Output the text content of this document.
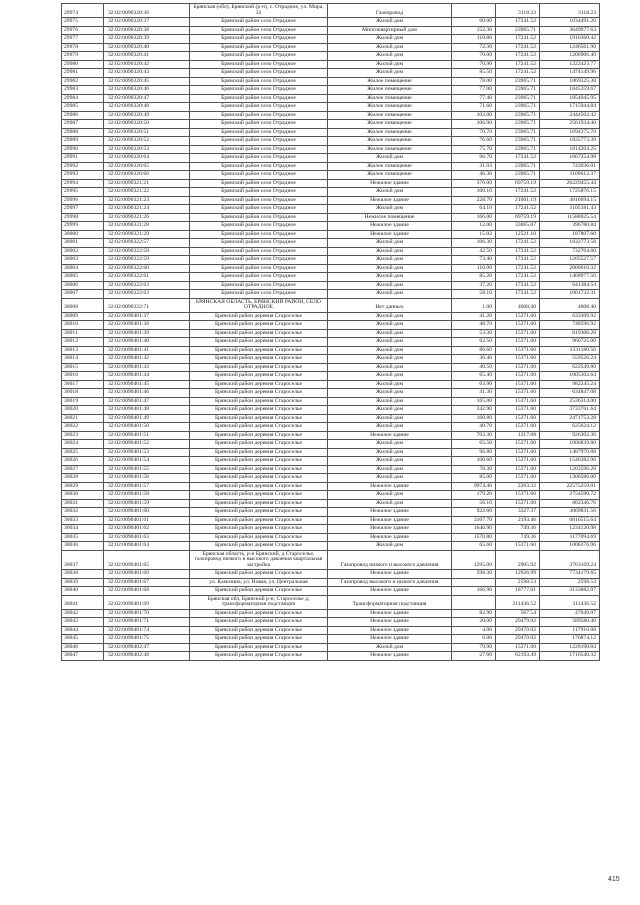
29974	32:02:0090320:36	Брянская (обл), Брянский (р-н), с. Отрадное, ул. Мира, 33	Газопровод		3118.23	3118.23
29975	32:02:0090320:37	Брянский район село Отрадное	Жилой дом	60.00	17241.52	1034491.20
29976	32:02:0090320:38	Брянский район село Отрадное	Многоквартирный дом	152.30	23965.71	3649977.63
29977	32:02:0090320:39	Брянский район село Отрадное	Жилой дом	110.80	17241.52	1910360.42
29978	32:02:0090320:40	Брянский район село Отрадное	Жилой дом	72.30	17241.52	1246561.90
29979	32:02:0090320:41	Брянский район село Отрадное	Жилой дом	70.00	17241.52	1206906.40
29980	32:02:0090320:42	Брянский район село Отрадное	Жилой дом	70.90	17241.52	1222423.77
29981	32:02:0090320:43	Брянский район село Отрадное	Жилой дом	85.50	17241.52	1474149.96
29982	32:02:0090320:45	Брянский район село Отрадное	Жилое помещение	78.00	23965.71	1869325.38
29983	32:02:0090320:46	Брянский район село Отрадное	Жилое помещение	77.00	23965.71	1845359.67
29984	32:02:0090320:47	Брянский район село Отрадное	Жилое помещение	77.40	23965.71	1854945.95
29985	32:02:0090320:48	Брянский район село Отрадное	Жилое помещение	71.60	23965.71	1715944.84
29986	32:02:0090320:49	Брянский район село Отрадное	Жилое помещение	102.00	23965.71	2444502.42
29987	32:02:0090320:50	Брянский район село Отрадное	Жилое помещение	106.90	23965.71	2561934.40
29988	32:02:0090320:51	Брянский район село Отрадное	Жилое помещение	70.70	23965.71	1694375.70
29989	32:02:0090320:52	Брянский район село Отрадное	Жилое помещение	76.60	23965.71	1835773.39
29990	32:02:0090320:53	Брянский район село Отрадное	Жилое помещение	75.70	23965.71	1814204.25
29991	32:02:0090320:64	Брянский район село Отрадное	Жилой дом	96.70	17241.52	1667254.98
29992	32:02:0090320:65	Брянский район село Отрадное	Жилое помещение	31.03	23965.71	743936.01
29993	32:02:0090320:66	Брянский район село Отрадное	Жилое помещение	46.30	23965.71	1109612.37
29994	32:02:0090321:21	Брянский район село Отрадное	Нежилое здание	376.00	69759.19	26229455.44
29995	32:02:0090321:22	Брянский район село Отрадное	Жилой дом	100.10	17241.52	1725876.15
29996	32:02:0090321:23	Брянский район село Отрадное	Нежилое здание	228.70	21061.19	4816694.15
29997	32:02:0090321:24	Брянский район село Отрадное	Жилой дом	64.10	17241.52	1105181.43
29998	32:02:0090321:26	Брянский район село Отрадное	Нежилое помещение	166.00	69759.19	11580025.54
29999	32:02:0090321:28	Брянский район село Отрадное	Нежилое здание	12.00	33065.07	396780.84
30000	32:02:0090321:29	Брянский район село Отрадное	Нежилое здание	15.02	12521.10	187807.60
30001	32:02:0090322:57	Брянский район село Отрадное	Жилой дом	106.30	17241.52	1832773.58
30002	32:02:0090322:58	Брянский район село Отрадное	Жилой дом	42.50	17241.52	732764.60
30003	32:02:0090322:59	Брянский район село Отрадное	Жилой дом	73.40	17241.52	1265527.57
30004	32:02:0090322:60	Брянский район село Отрадное	Жилой дом	116.00	17241.52	2000016.32
30005	32:02:0090322:61	Брянский район село Отрадное	Жилой дом	85.20	17241.52	1468977.50
30006	32:02:0090322:62	Брянский район село Отрадное	Жилой дом	37.20	17241.52	641384.54
30007	32:02:0090322:63	Брянский район село Отрадное	Жилой дом	58.10	17241.52	1001732.31
30008	32:02:0090322:71	БРЯНСКАЯ ОБЛАСТЬ, БРЯНСКИЙ РАЙОН, СЕЛО ОТРАДНОЕ	Нет данных	1.00	4608.40	4608.40
30009	32:02:0090401:37	Брянский район деревня Староселье	Жилой дом	41.20	15371.60	633309.92
30010	32:02:0090401:38	Брянский район деревня Староселье	Жилой дом	48.70	15371.60	748596.92
30011	32:02:0090401:39	Брянский район деревня Староселье	Жилой дом	53.30	15371.60	819306.28
30012	32:02:0090401:40	Брянский район деревня Староселье	Жилой дом	62.50	15371.60	960725.00
30013	32:02:0090401:41	Брянский район деревня Староселье	Жилой дом	86.60	15371.60	1331180.56
30014	32:02:0090401:42	Брянский район деревня Староселье	Жилой дом	36.40	15371.60	559526.24
30015	32:02:0090401:43	Брянский район деревня Староселье	Жилой дом	40.50	15371.60	622549.80
30016	32:02:0090401:44	Брянский район деревня Староселье	Жилой дом	65.40	15371.60	1005302.64
30017	32:02:0090401:45	Брянский район деревня Староселье	Жилой дом	63.90	15371.60	982245.24
30018	32:02:0090401:46	Брянский район деревня Староселье	Жилой дом	41.30	15371.60	634847.08
30019	32:02:0090401:47	Брянский район деревня Староселье	Жилой дом	165.00	15371.60	2536314.00
30020	32:02:0090401:48	Брянский район деревня Староселье	Жилой дом	242.90	15371.60	3733761.64
30021	32:02:0090401:49	Брянский район деревня Староселье	Жилой дом	160.80	15371.60	2471753.28
30022	32:02:0090401:50	Брянский район деревня Староселье	Жилой дом	40.70	15371.60	625624.12
30023	32:02:0090401:51	Брянский район деревня Староселье	Нежилое здание	703.30	1317.08	926302.36
30024	32:02:0090401:52	Брянский район деревня Староселье	Жилой дом	65.50	15371.60	1006839.80
30025	32:02:0090401:53	Брянский район деревня Староселье	Жилой дом	96.80	15371.60	1487970.88
30026	32:02:0090401:54	Брянский район деревня Староселье	Жилой дом	100.60	15371.60	1546382.96
30027	32:02:0090401:55	Брянский район деревня Староселье	Жилой дом	78.30	15371.60	1203596.28
30028	32:02:0090401:56	Брянский район деревня Староселье	Жилой дом	85.00	15371.60	1306586.00
30029	32:02:0090401:57	Брянский район деревня Староселье	Нежилое здание	9974.40	2263.32	22575259.01
30030	32:02:0090401:58	Брянский район деревня Староселье	Жилой дом	179.20	15371.60	2754590.72
30031	32:02:0090401:59	Брянский район деревня Староселье	Жилой дом	56.10	15371.60	862346.76
30032	32:02:0090401:60	Брянский район деревня Староселье	Нежилое здание	922.60	3327.37	3069831.56
30033	32:02:0090401:61	Брянский район деревня Староселье	Нежилое здание	3107.70	2193.46	6816515.64
30034	32:02:0090401:62	Брянский район деревня Староселье	Нежилое здание	1646.90	749.36	1234120.98
30035	32:02:0090401:63	Брянский район деревня Староселье	Нежилое здание	1570.80	749.36	1177094.69
30036	32:02:0090401:64	Брянский район деревня Староселье	Жилой дом	65.60	15371.60	1008376.96
30037	32:02:0090401:65	Брянская область, р-н Брянский, д Староселье, газопровод низкого и высокого давления квартальная застройка	Газопровод низкого и высокого давления	1295.00	2905.92	3763169.24
30038	32:02:0090401:66	Брянский район деревня Староселье	Нежилое здание	598.30	12926.99	7734179.65
30039	32:02:0090401:67	ул. Камозина, ул. Новая, ул. Центральная	Газопровод высокого и низкого давления		2598.53	2598.53
30040	32:02:0090401:68	Брянский район деревня Староселье	Нежилое здание	166.90	18777.01	3133882.97
30041	32:02:0090401:69	Брянская обл, Брянский р-н, Староселье д, трансформаторная подстанция	Трансформаторная подстанция		311436.52	311436.52
30042	32:02:0090401:70	Брянский район деревня Староселье	Нежилое здание	82.90	567.54	47049.07
30043	32:02:0090401:71	Брянский район деревня Староселье	Нежилое здание	20.00	29479.02	589580.40
30044	32:02:0090401:74	Брянский район деревня Староселье	Нежилое здание	4.00	29479.02	117916.08
30045	32:02:0090401:75	Брянский район деревня Староселье	Нежилое здание	6.00	29479.02	176874.12
30046	32:02:0090402:47	Брянский район деревня Староселье	Жилой дом	79.90	15371.60	1228190.84
30047	32:02:0090402:48	Брянский район деревня Староселье	Нежилое здание	27.60	62193.49	1716540.32
415
